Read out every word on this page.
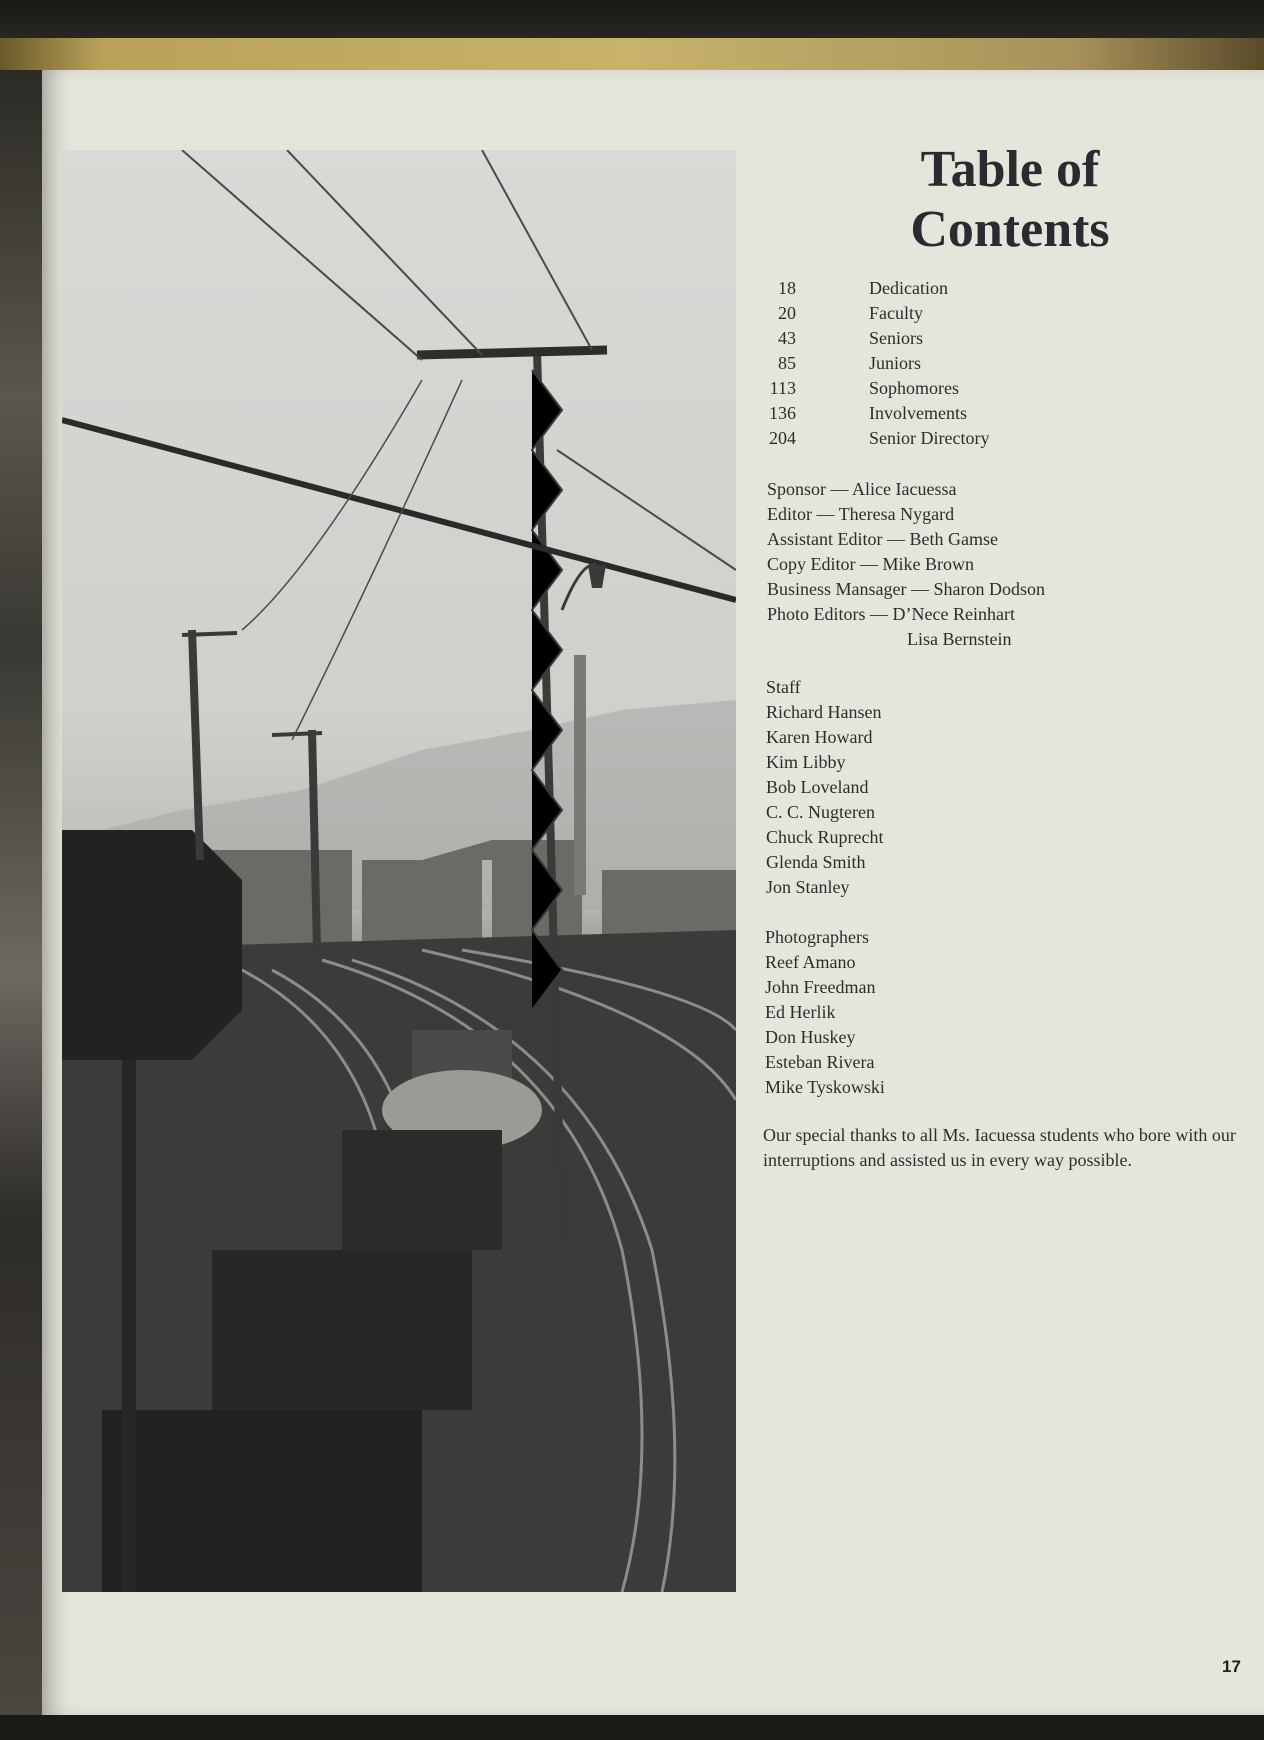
Table of
Contents
18	Dedication
20	Faculty
43	Seniors
85	Juniors
113	Sophomores
136	Involvements
204	Senior Directory
Sponsor — Alice Iacuessa
Editor — Theresa Nygard
Assistant Editor — Beth Gamse
Copy Editor — Mike Brown
Business Mansager — Sharon Dodson
Photo Editors — D’Nece Reinhart
Lisa Bernstein
Staff
Richard Hansen
Karen Howard
Kim Libby
Bob Loveland
C. C. Nugteren
Chuck Ruprecht
Glenda Smith
Jon Stanley
Photographers
Reef Amano
John Freedman
Ed Herlik
Don Huskey
Esteban Rivera
Mike Tyskowski

Our special thanks to all Ms. Iacuessa students who bore with our interruptions and assisted us in every way possible.

17
